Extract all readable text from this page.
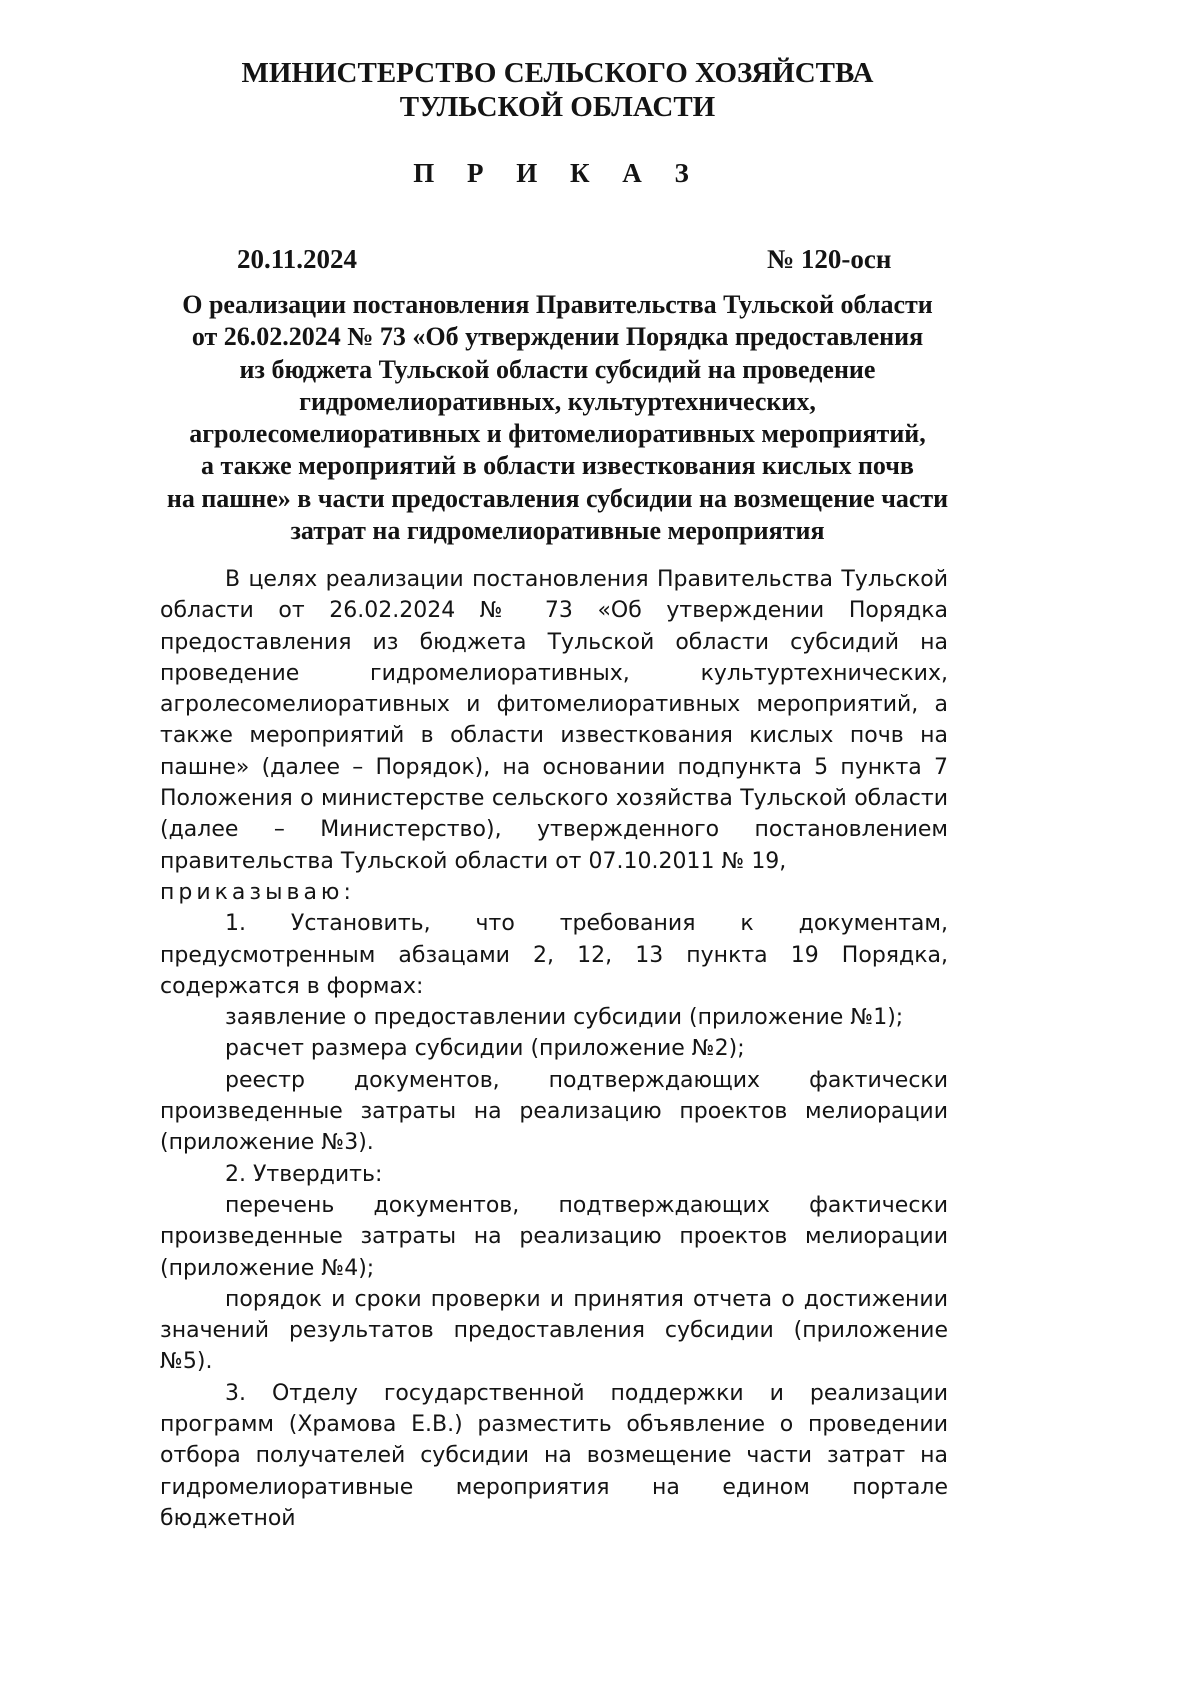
МИНИСТЕРСТВО СЕЛЬСКОГО ХОЗЯЙСТВА
ТУЛЬСКОЙ ОБЛАСТИ
П Р И К А З
20.11.2024	№ 120-осн
О реализации постановления Правительства Тульской области
от 26.02.2024 № 73 «Об утверждении Порядка предоставления
из бюджета Тульской области субсидий на проведение
гидромелиоративных, культуртехнических,
агролесомелиоративных и фитомелиоративных мероприятий,
а также мероприятий в области известкования кислых почв
на пашне» в части предоставления субсидии на возмещение части
затрат на гидромелиоративные мероприятия

В целях реализации постановления Правительства Тульской области от 26.02.2024 № 73 «Об утверждении Порядка предоставления из бюджета Тульской области субсидий на проведение гидромелиоративных, культуртехнических, агролесомелиоративных и фитомелиоративных мероприятий, а также мероприятий в области известкования кислых почв на пашне» (далее – Порядок), на основании подпункта 5 пункта 7 Положения о министерстве сельского хозяйства Тульской области (далее – Министерство), утвержденного постановлением правительства Тульской области от 07.10.2011 № 19,

приказываю:

1. Установить, что требования к документам, предусмотренным абзацами 2, 12, 13 пункта 19 Порядка, содержатся в формах:

заявление о предоставлении субсидии (приложение №1);

расчет размера субсидии (приложение №2);

реестр документов, подтверждающих фактически произведенные затраты на реализацию проектов мелиорации (приложение №3).

2. Утвердить:

перечень документов, подтверждающих фактически произведенные затраты на реализацию проектов мелиорации (приложение №4);

порядок и сроки проверки и принятия отчета о достижении значений результатов предоставления субсидии (приложение №5).

3. Отделу государственной поддержки и реализации программ (Храмова Е.В.) разместить объявление о проведении отбора получателей субсидии на возмещение части затрат на гидромелиоративные мероприятия на едином портале бюджетной
